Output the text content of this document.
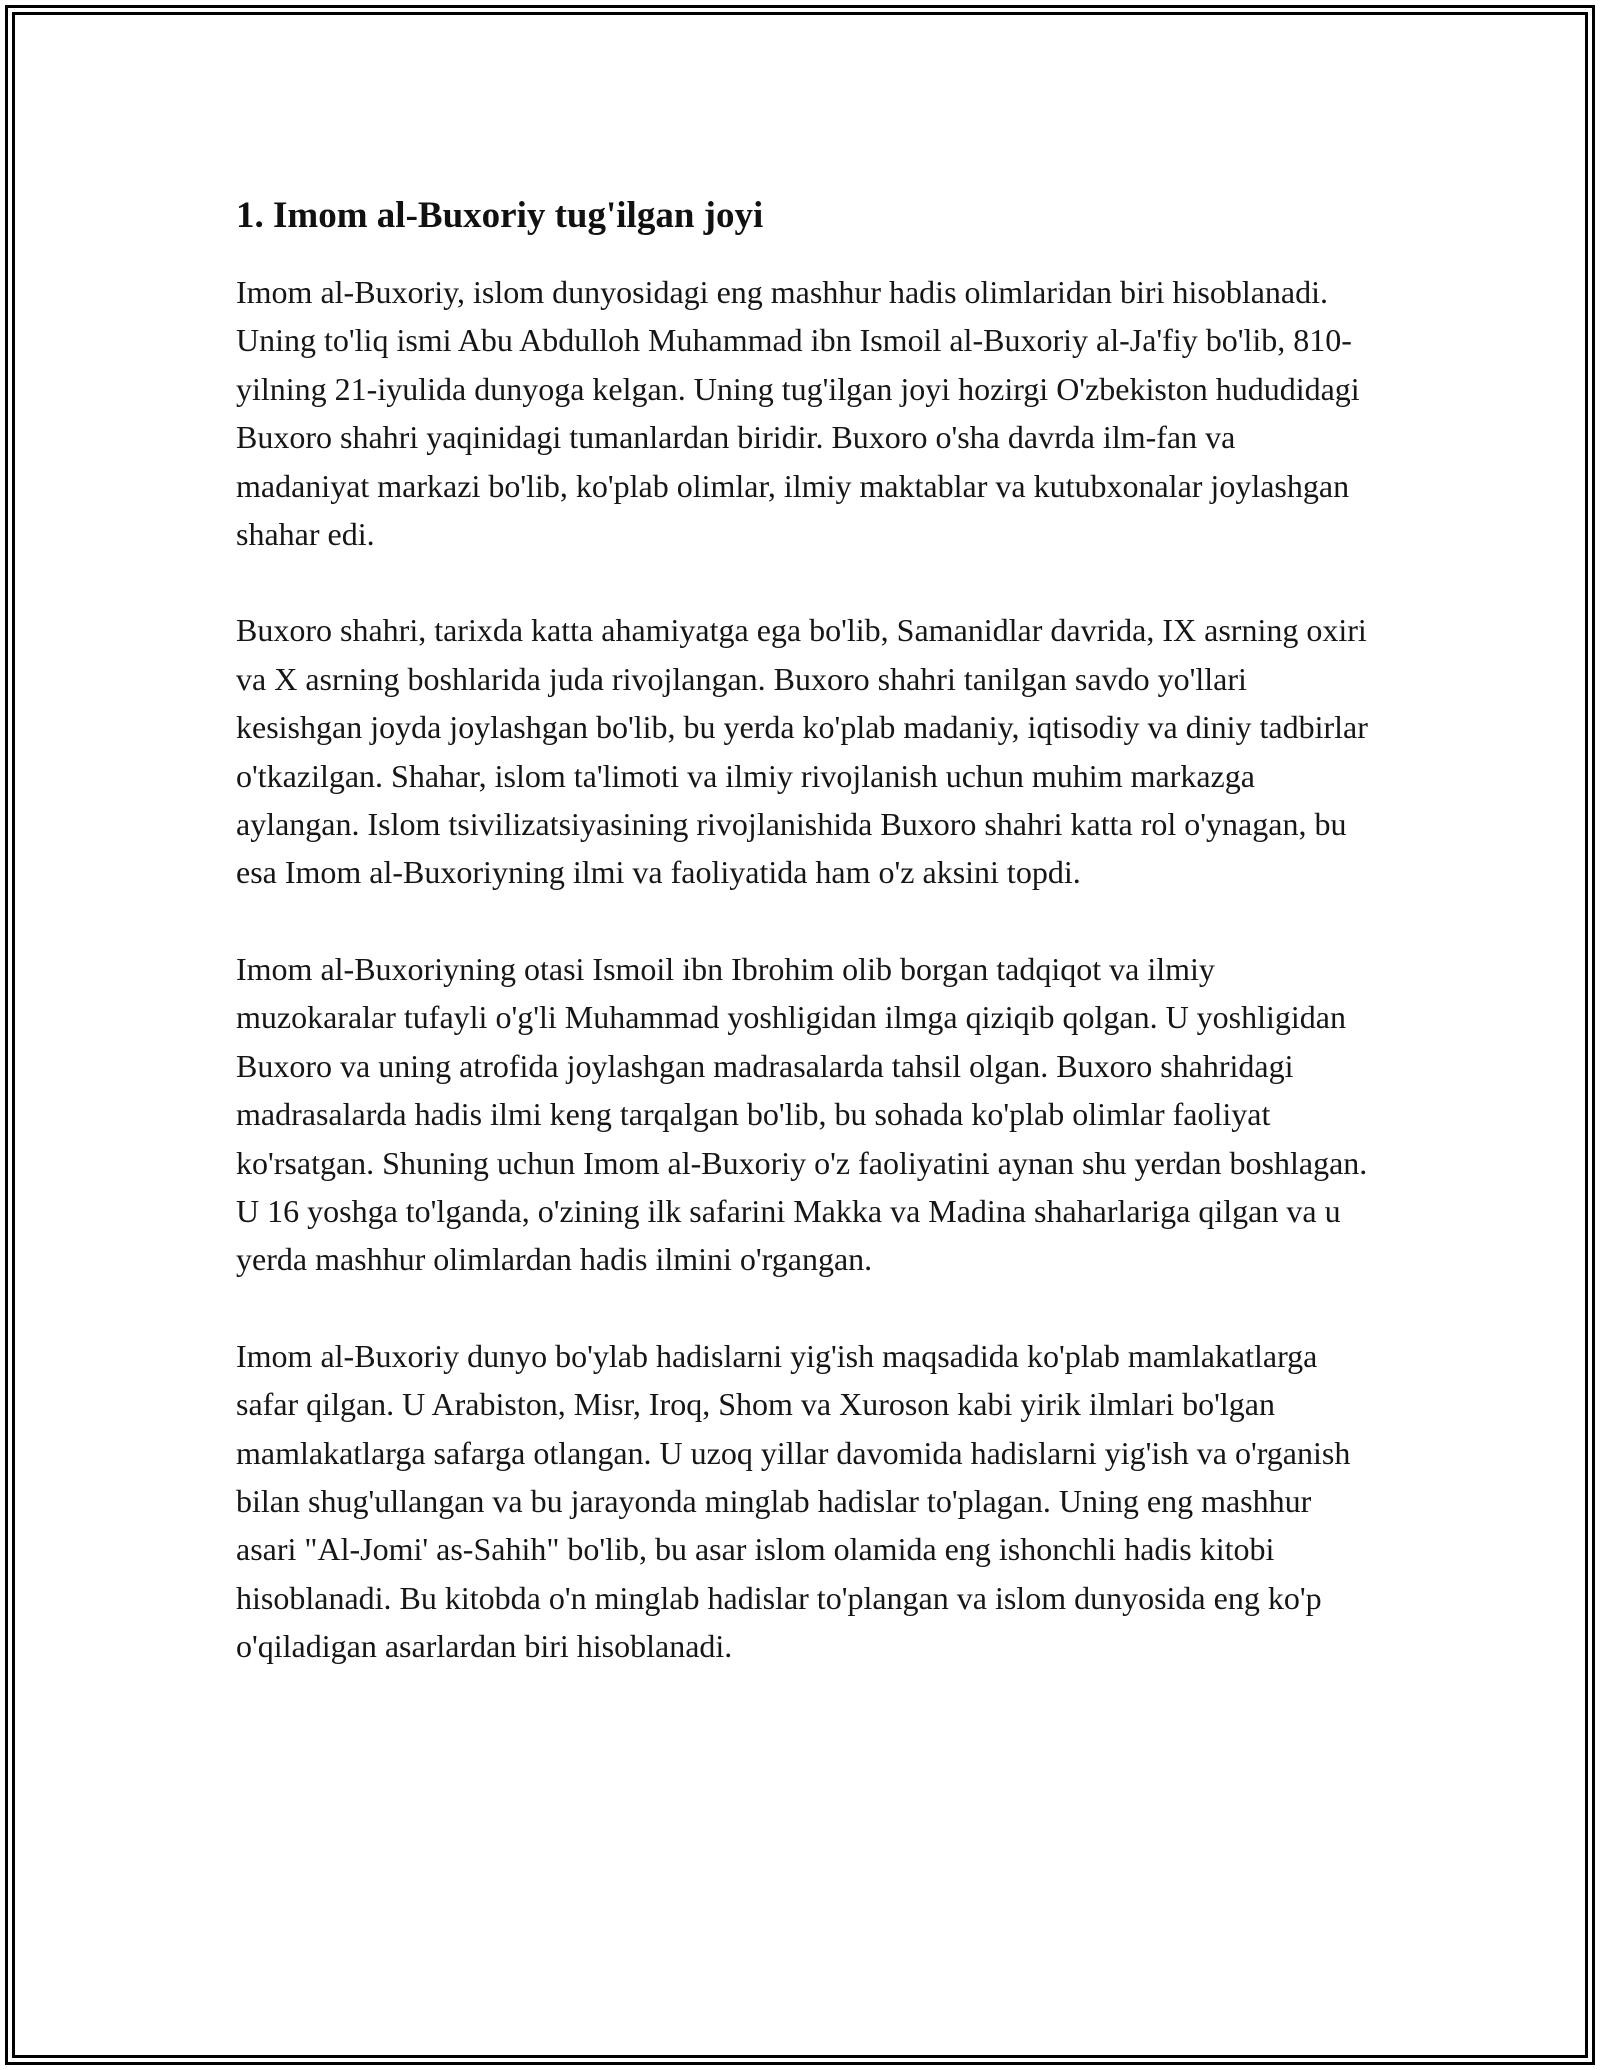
1. Imom al-Buxoriy tug'ilgan joyi

Imom al-Buxoriy, islom dunyosidagi eng mashhur hadis olimlaridan biri hisoblanadi. Uning to'liq ismi Abu Abdulloh Muhammad ibn Ismoil al-Buxoriy al-Ja'fiy bo'lib, 810-yilning 21-iyulida dunyoga kelgan. Uning tug'ilgan joyi hozirgi O'zbekiston hududidagi Buxoro shahri yaqinidagi tumanlardan biridir. Buxoro o'sha davrda ilm-fan va madaniyat markazi bo'lib, ko'plab olimlar, ilmiy maktablar va kutubxonalar joylashgan shahar edi.

Buxoro shahri, tarixda katta ahamiyatga ega bo'lib, Samanidlar davrida, IX asrning oxiri va X asrning boshlarida juda rivojlangan. Buxoro shahri tanilgan savdo yo'llari kesishgan joyda joylashgan bo'lib, bu yerda ko'plab madaniy, iqtisodiy va diniy tadbirlar o'tkazilgan. Shahar, islom ta'limoti va ilmiy rivojlanish uchun muhim markazga aylangan. Islom tsivilizatsiyasining rivojlanishida Buxoro shahri katta rol o'ynagan, bu esa Imom al-Buxoriyning ilmi va faoliyatida ham o'z aksini topdi.

Imom al-Buxoriyning otasi Ismoil ibn Ibrohim olib borgan tadqiqot va ilmiy muzokaralar tufayli o'g'li Muhammad yoshligidan ilmga qiziqib qolgan. U yoshligidan Buxoro va uning atrofida joylashgan madrasalarda tahsil olgan. Buxoro shahridagi madrasalarda hadis ilmi keng tarqalgan bo'lib, bu sohada ko'plab olimlar faoliyat ko'rsatgan. Shuning uchun Imom al-Buxoriy o'z faoliyatini aynan shu yerdan boshlagan. U 16 yoshga to'lganda, o'zining ilk safarini Makka va Madina shaharlariga qilgan va u yerda mashhur olimlardan hadis ilmini o'rgangan.

Imom al-Buxoriy dunyo bo'ylab hadislarni yig'ish maqsadida ko'plab mamlakatlarga safar qilgan. U Arabiston, Misr, Iroq, Shom va Xuroson kabi yirik ilmlari bo'lgan mamlakatlarga safarga otlangan. U uzoq yillar davomida hadislarni yig'ish va o'rganish bilan shug'ullangan va bu jarayonda minglab hadislar to'plagan. Uning eng mashhur asari "Al-Jomi' as-Sahih" bo'lib, bu asar islom olamida eng ishonchli hadis kitobi hisoblanadi. Bu kitobda o'n minglab hadislar to'plangan va islom dunyosida eng ko'p o'qiladigan asarlardan biri hisoblanadi.
